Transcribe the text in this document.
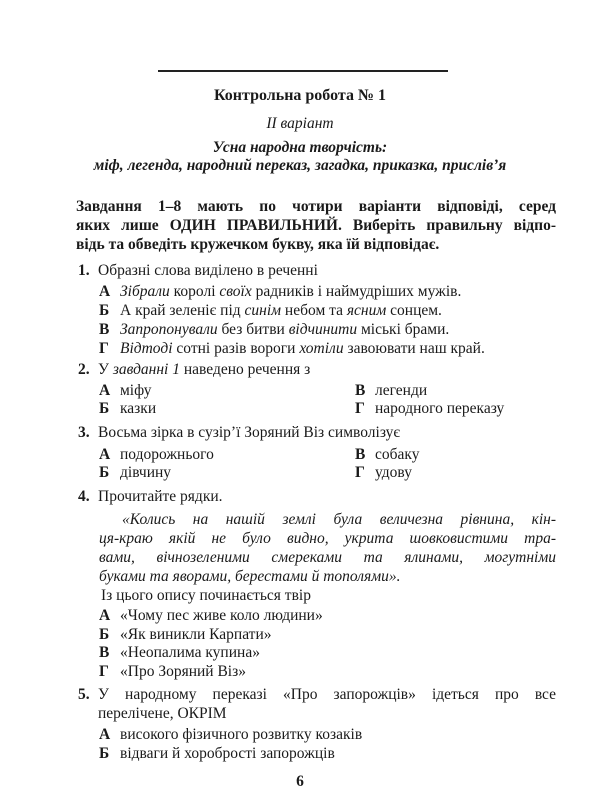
Контрольна робота № 1
II варіант
Усна народна творчість:
міф, легенда, народний переказ, загадка, приказка, прислів’я
Завдання 1–8 мають по чотири варіанти відповіді, серед
яких лише ОДИН ПРАВИЛЬНИЙ. Виберіть правильну відпо-
відь та обведіть кружечком букву, яка їй відповідає.
1. Образні слова виділено в реченні
А Зібрали королі своїх радників і наймудріших мужів.
Б А край зеленіє під синім небом та ясним сонцем.
В Запропонували без битви відчинити міські брами.
Г Відтоді сотні разів вороги хотіли завоювати наш край.
2. У завданні 1 наведено речення з
А міфу
Б казки
В легенди
Г народного переказу
3. Восьма зірка в сузір’ї Зоряний Віз символізує
А подорожнього
Б дівчину
В собаку
Г удову
4. Прочитайте рядки.
«Колись на нашій землі була величезна рівнина, кін-
ця-краю якій не було видно, укрита шовковистими тра-
вами, вічнозеленими смереками та ялинами, могутніми
буками та яворами, берестами й тополями».
Із цього опису починається твір
А «Чому пес живе коло людини»
Б «Як виникли Карпати»
В «Неопалима купина»
Г «Про Зоряний Віз»
5. У народному переказі «Про запорожців» ідеться про все
перелічене, ОКРІМ
А високого фізичного розвитку козаків
Б відваги й хоробрості запорожців
6
